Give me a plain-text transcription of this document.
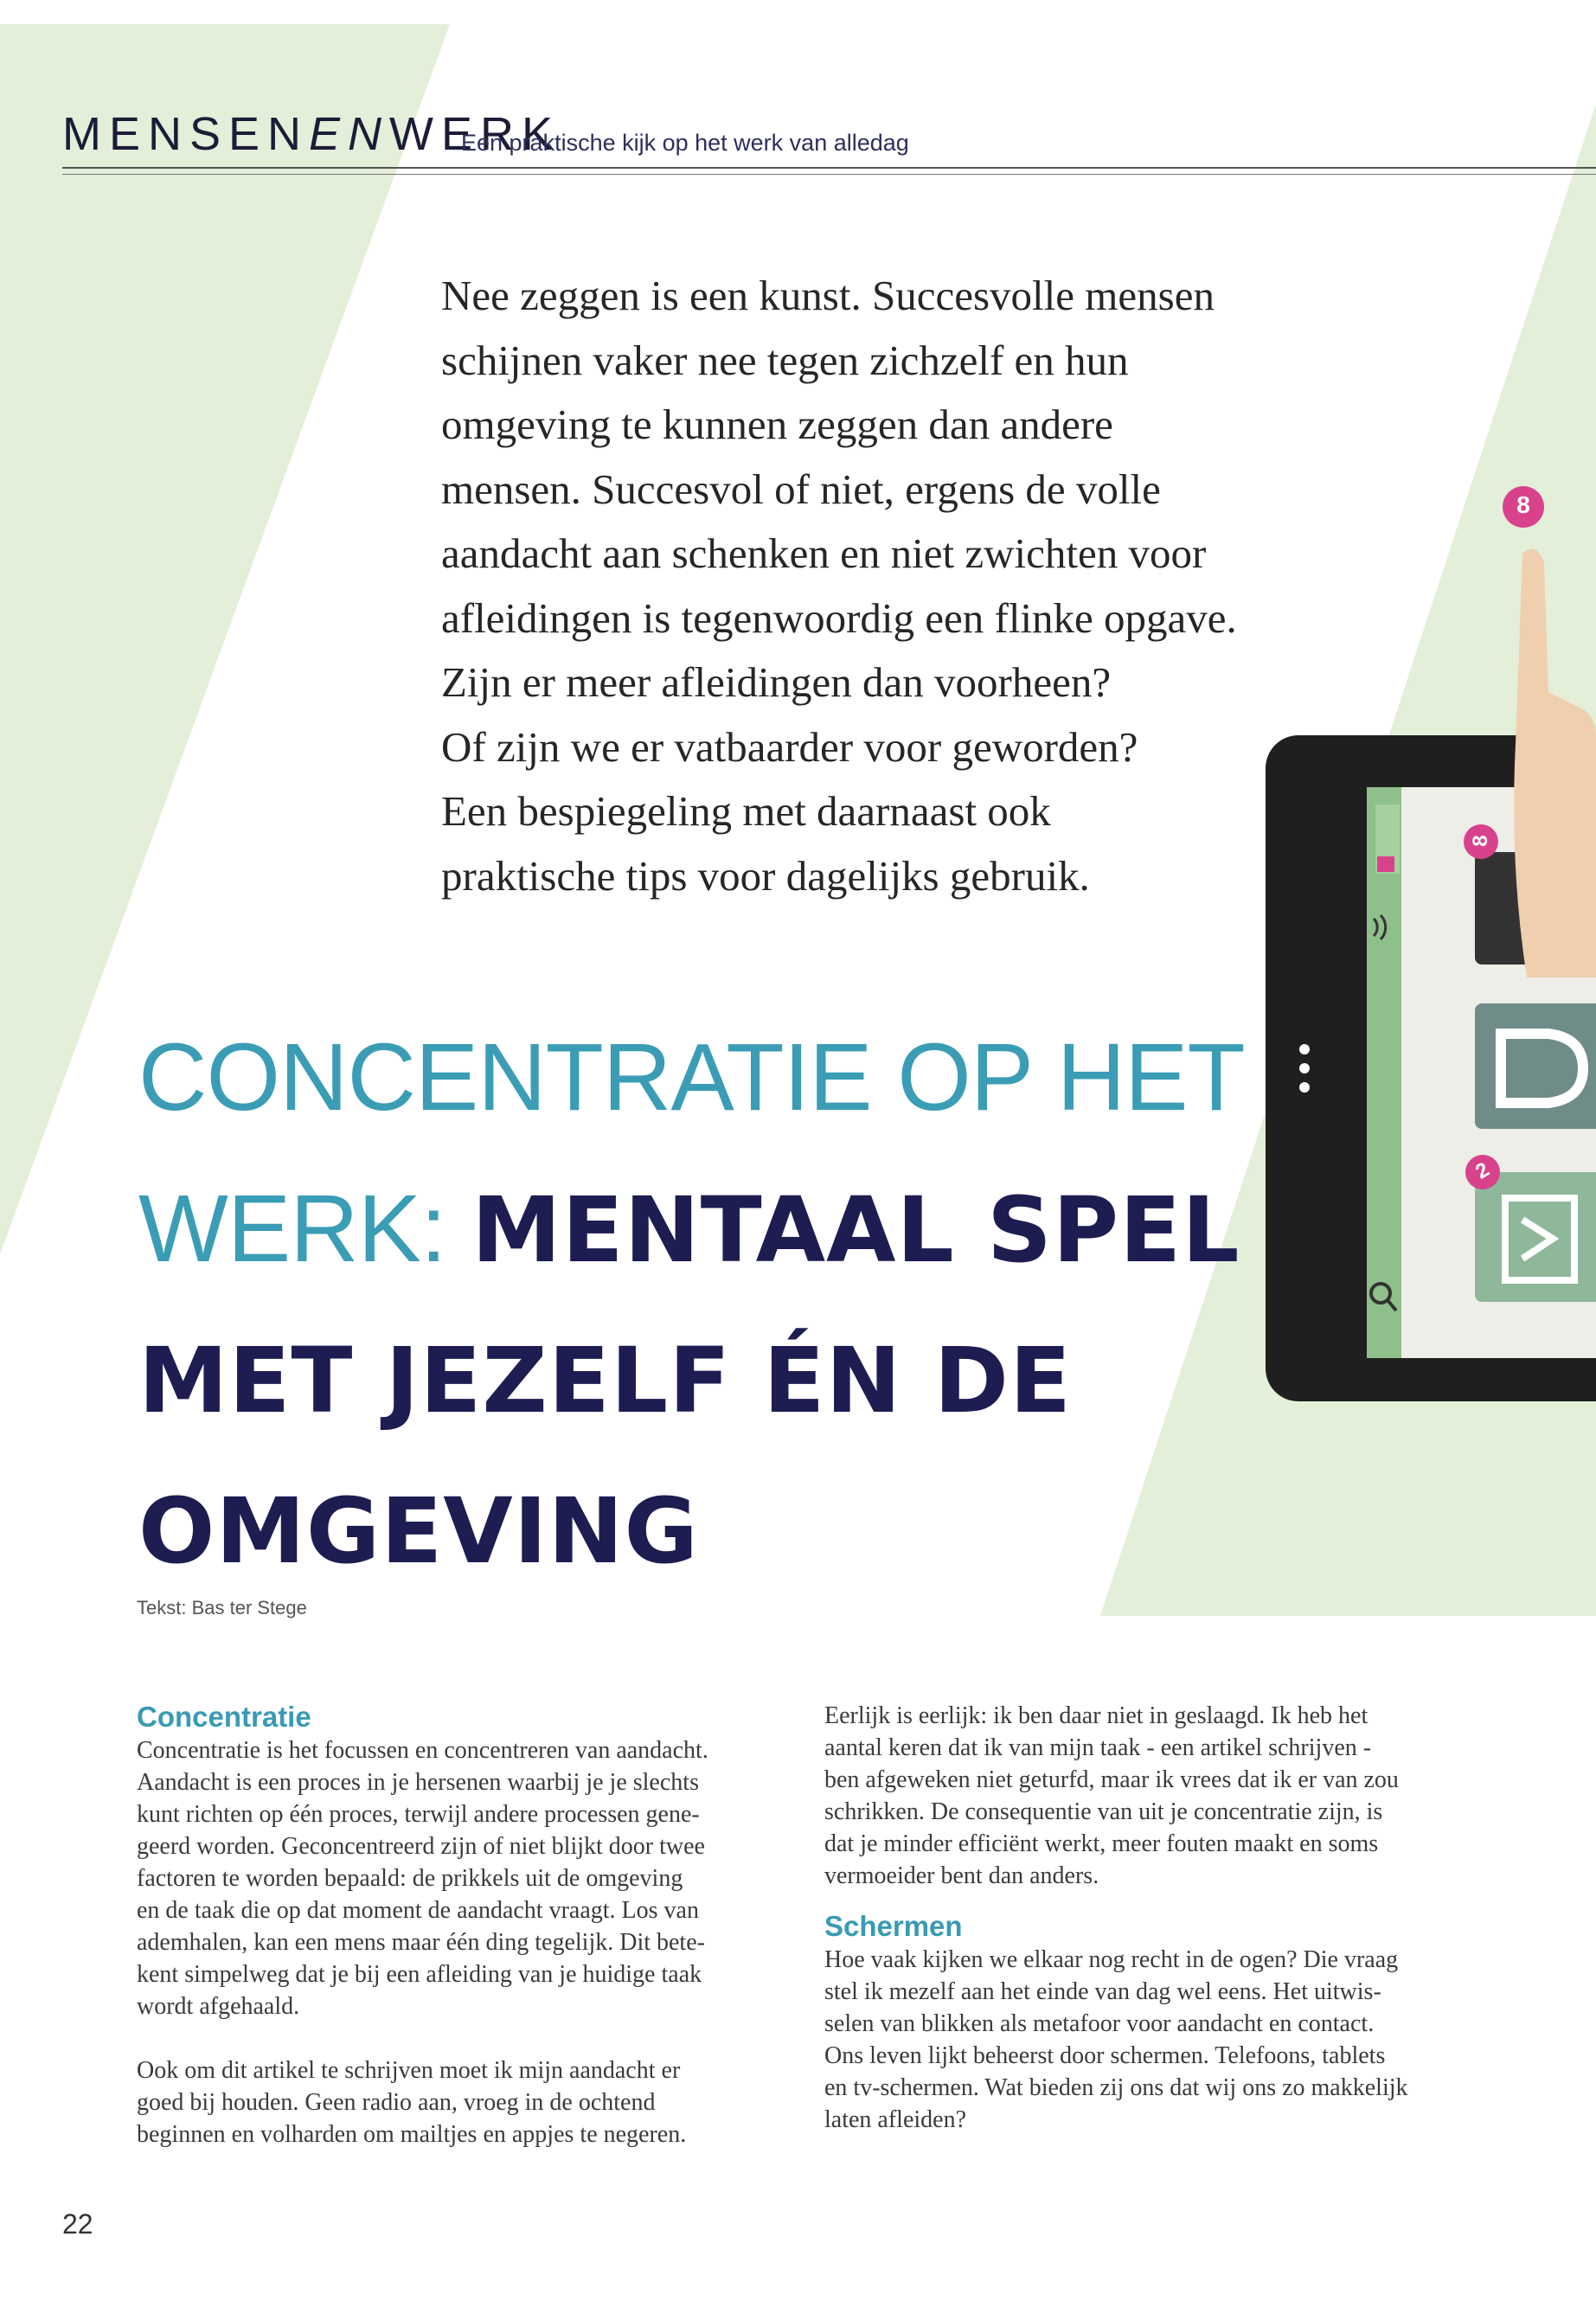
8
8
2
MENSENENWERK
Een praktische kijk op het werk van alledag
Nee zeggen is een kunst. Succesvolle mensen
schijnen vaker nee tegen zichzelf en hun
omgeving te kunnen zeggen dan andere
mensen. Succesvol of niet, ergens de volle
aandacht aan schenken en niet zwichten voor
afleidingen is tegenwoordig een flinke opgave.
Zijn er meer afleidingen dan voorheen?
Of zijn we er vatbaarder voor geworden?
Een bespiegeling met daarnaast ook
praktische tips voor dagelijks gebruik.
CONCENTRATIE OP HET
WERK: MENTAAL SPEL
MET JEZELF ÉN DE
OMGEVING
Tekst: Bas ter Stege
Concentratie
Concentratie is het focussen en concentreren van aandacht.
Aandacht is een proces in je hersenen waarbij je je slechts
kunt richten op één proces, terwijl andere processen gene-
geerd worden. Geconcentreerd zijn of niet blijkt door twee
factoren te worden bepaald: de prikkels uit de omgeving
en de taak die op dat moment de aandacht vraagt. Los van
ademhalen, kan een mens maar één ding tegelijk. Dit bete-
kent simpelweg dat je bij een afleiding van je huidige taak
wordt afgehaald.
Ook om dit artikel te schrijven moet ik mijn aandacht er
goed bij houden. Geen radio aan, vroeg in de ochtend
beginnen en volharden om mailtjes en appjes te negeren.
Eerlijk is eerlijk: ik ben daar niet in geslaagd. Ik heb het
aantal keren dat ik van mijn taak - een artikel schrijven -
ben afgeweken niet geturfd, maar ik vrees dat ik er van zou
schrikken. De consequentie van uit je concentratie zijn, is
dat je minder efficiënt werkt, meer fouten maakt en soms
vermoeider bent dan anders.
Schermen
Hoe vaak kijken we elkaar nog recht in de ogen? Die vraag
stel ik mezelf aan het einde van dag wel eens. Het uitwis-
selen van blikken als metafoor voor aandacht en contact.
Ons leven lijkt beheerst door schermen. Telefoons, tablets
en tv-schermen. Wat bieden zij ons dat wij ons zo makkelijk
laten afleiden?
22
